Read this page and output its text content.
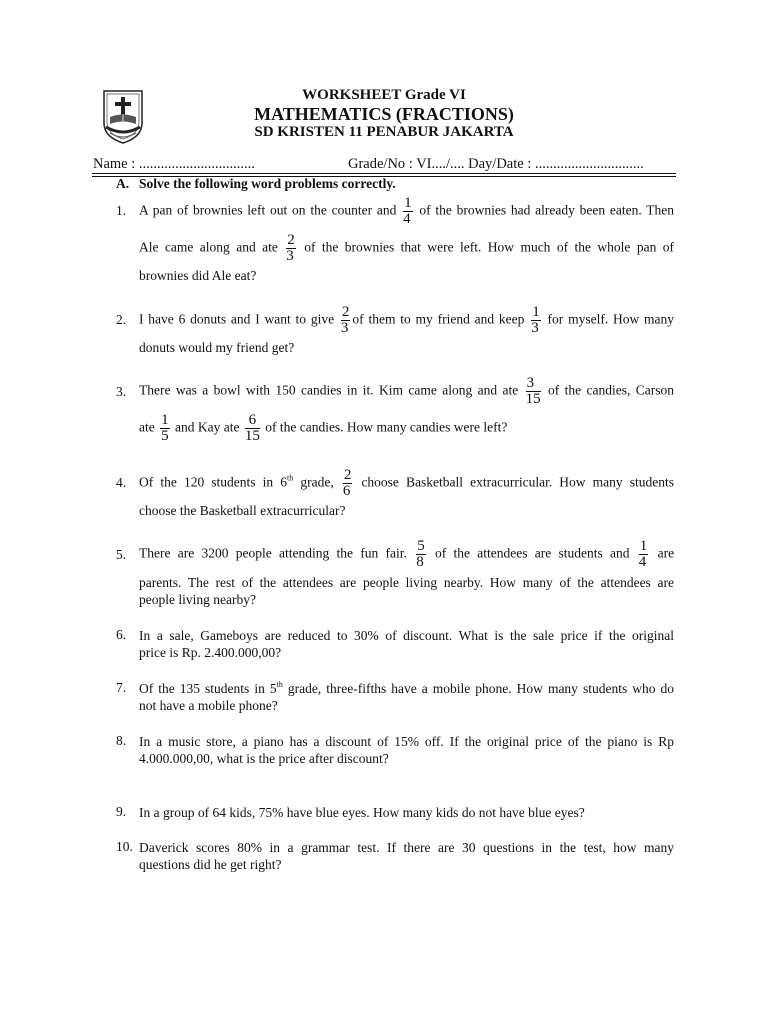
WORKSHEET Grade VI
MATHEMATICS (FRACTIONS)
SD KRISTEN 11 PENABUR JAKARTA
Name : ................................	Grade/No : VI..../.... Day/Date : ..............................
A. Solve the following word problems correctly.
1. A pan of brownies left out on the counter and $\frac{1}{4}$ of the brownies had already been eaten. Then
Ale came along and ate $\frac{2}{3}$ of the brownies that were left. How much of the whole pan of
brownies did Ale eat?
2. I have 6 donuts and I want to give $\frac{2}{3}$ of them to my friend and keep $\frac{1}{3}$ for myself. How many
donuts would my friend get?
3. There was a bowl with 150 candies in it. Kim came along and ate $\frac{3}{15}$ of the candies, Carson
ate $\frac{1}{5}$ and Kay ate $\frac{6}{15}$ of the candies. How many candies were left?
4. Of the 120 students in 6th grade, $\frac{2}{6}$ choose Basketball extracurricular. How many students
choose the Basketball extracurricular?
5. There are 3200 people attending the fun fair. $\frac{5}{8}$ of the attendees are students and $\frac{1}{4}$ are
parents. The rest of the attendees are people living nearby. How many of the attendees are
people living nearby?
6. In a sale, Gameboys are reduced to 30% of discount. What is the sale price if the original
price is Rp. 2.400.000,00?
7. Of the 135 students in 5th grade, three-fifths have a mobile phone. How many students who do
not have a mobile phone?
8. In a music store, a piano has a discount of 15% off. If the original price of the piano is Rp
4.000.000,00, what is the price after discount?
9. In a group of 64 kids, 75% have blue eyes. How many kids do not have blue eyes?
10. Daverick scores 80% in a grammar test. If there are 30 questions in the test, how many
questions did he get right?
